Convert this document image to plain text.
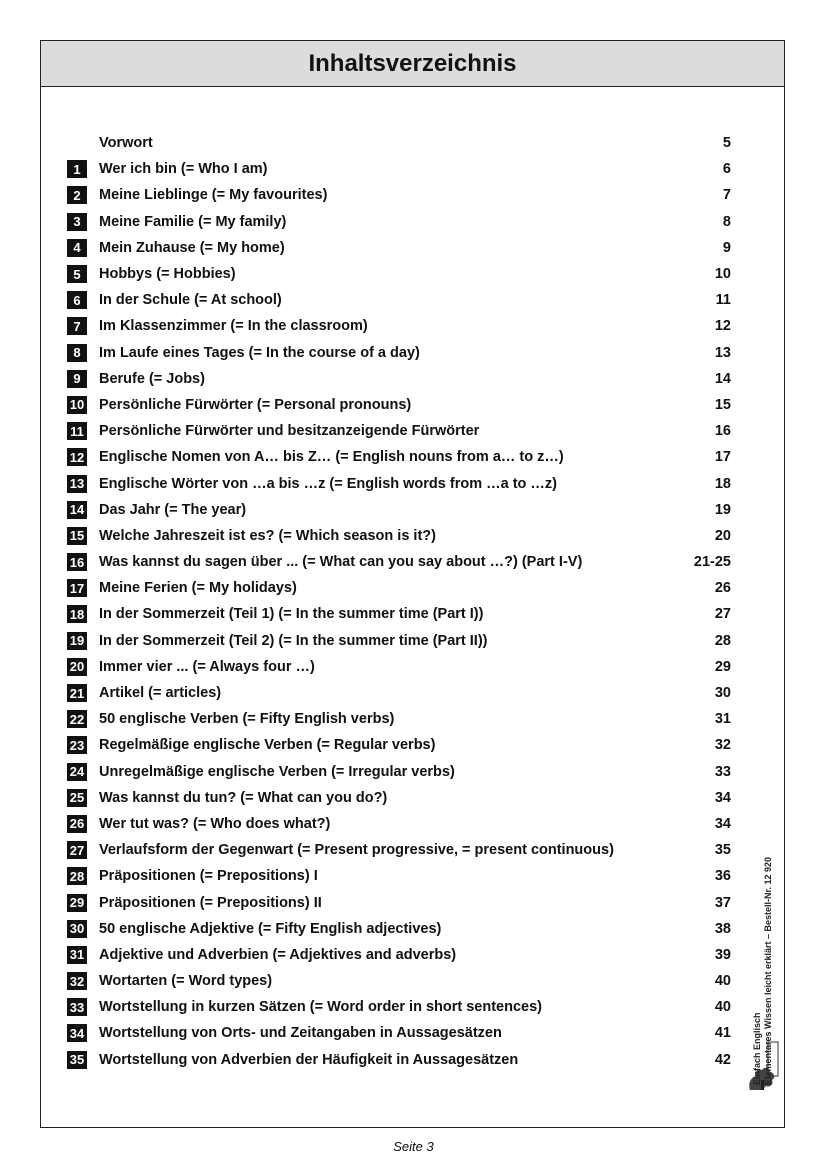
Inhaltsverzeichnis
Vorwort	5
1	Wer ich bin (= Who I am)	6
2	Meine Lieblinge (= My favourites)	7
3	Meine Familie (= My family)	8
4	Mein Zuhause (= My home)	9
5	Hobbys (= Hobbies)	10
6	In der Schule (= At school)	11
7	Im Klassenzimmer (= In the classroom)	12
8	Im Laufe eines Tages (= In the course of a day)	13
9	Berufe (= Jobs)	14
10 Persönliche Fürwörter (= Personal pronouns)	15
11 Persönliche Fürwörter und besitzanzeigende Fürwörter	16
12 Englische Nomen von A… bis Z… (= English nouns from a… to z…)	17
13 Englische Wörter von …a bis …z (= English words from …a to …z)	18
14 Das Jahr (= The year)	19
15 Welche Jahreszeit ist es? (= Which season is it?)	20
16 Was kannst du sagen über ... (= What can you say about …?) (Part I-V)	21-25
17 Meine Ferien (= My holidays)	26
18 In der Sommerzeit (Teil 1) (= In the summer time (Part I))	27
19 In der Sommerzeit (Teil 2) (= In the summer time (Part II))	28
20 Immer vier ... (= Always four …)	29
21 Artikel (= articles)	30
22 50 englische Verben (= Fifty English verbs)	31
23 Regelmäßige englische Verben (= Regular verbs)	32
24 Unregelmäßige englische Verben (= Irregular verbs)	33
25 Was kannst du tun? (= What can you do?)	34
26 Wer tut was? (= Who does what?)	34
27 Verlaufsform der Gegenwart (= Present progressive, = present continuous)	35
28 Präpositionen (= Prepositions) I	36
29 Präpositionen (= Prepositions) II	37
30 50 englische Adjektive (= Fifty English adjectives)	38
31 Adjektive und Adverbien (= Adjektives and adverbs)	39
32 Wortarten (= Word types)	40
33 Wortstellung in kurzen Sätzen (= Word order in short sentences)	40
34 Wortstellung von Orts- und Zeitangaben in Aussagesätzen	41
35 Wortstellung von Adverbien der Häufigkeit in Aussagesätzen	42 Einfach Englisch Elementares Wissen leicht erklärt – Bestell-Nr. 12 920
Seite 3
